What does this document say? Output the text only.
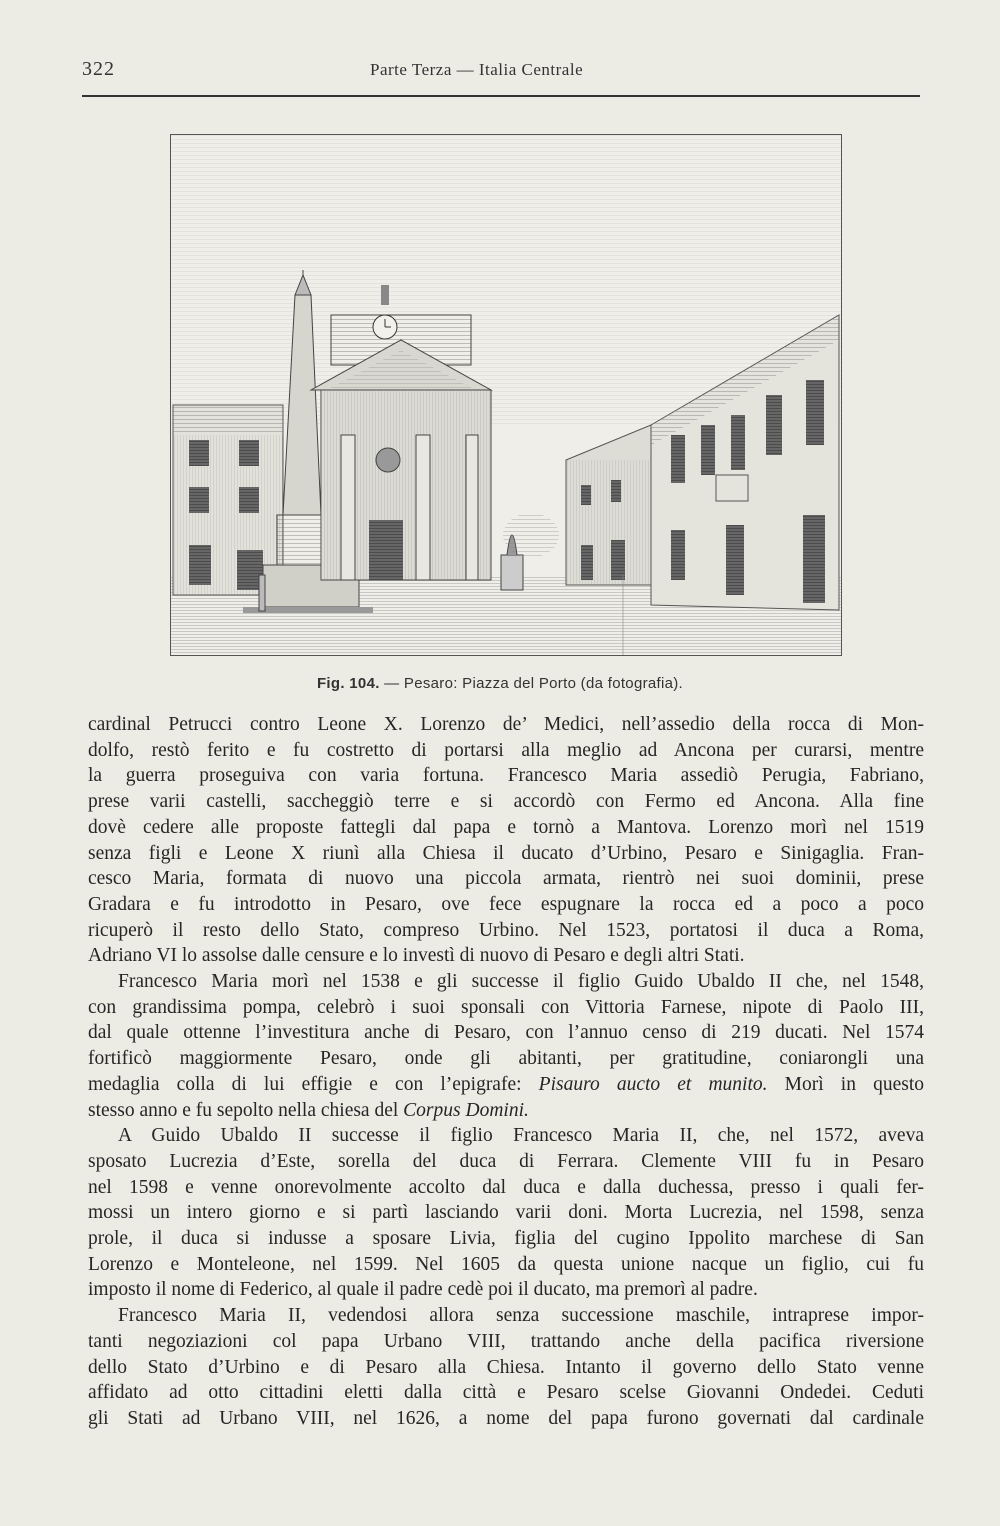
322	Parte Terza — Italia Centrale
Fig. 104. — Pesaro: Piazza del Porto (da fotografia).
cardinal Petrucci contro Leone X. Lorenzo de’ Medici, nell’assedio della rocca di Mon-
dolfo, restò ferito e fu costretto di portarsi alla meglio ad Ancona per curarsi, mentre
la guerra proseguiva con varia fortuna. Francesco Maria assediò Perugia, Fabriano,
prese varii castelli, saccheggiò terre e si accordò con Fermo ed Ancona. Alla fine
dovè cedere alle proposte fattegli dal papa e tornò a Mantova. Lorenzo morì nel 1519
senza figli e Leone X riunì alla Chiesa il ducato d’Urbino, Pesaro e Sinigaglia. Fran-
cesco Maria, formata di nuovo una piccola armata, rientrò nei suoi dominii, prese
Gradara e fu introdotto in Pesaro, ove fece espugnare la rocca ed a poco a poco
ricuperò il resto dello Stato, compreso Urbino. Nel 1523, portatosi il duca a Roma,
Adriano VI lo assolse dalle censure e lo investì di nuovo di Pesaro e degli altri Stati.
Francesco Maria morì nel 1538 e gli successe il figlio Guido Ubaldo II che, nel 1548,
con grandissima pompa, celebrò i suoi sponsali con Vittoria Farnese, nipote di Paolo III,
dal quale ottenne l’investitura anche di Pesaro, con l’annuo censo di 219 ducati. Nel 1574
fortificò maggiormente Pesaro, onde gli abitanti, per gratitudine, coniarongli una
medaglia colla di lui effigie e con l’epigrafe: Pisauro aucto et munito. Morì in questo
stesso anno e fu sepolto nella chiesa del Corpus Domini.
A Guido Ubaldo II successe il figlio Francesco Maria II, che, nel 1572, aveva
sposato Lucrezia d’Este, sorella del duca di Ferrara. Clemente VIII fu in Pesaro
nel 1598 e venne onorevolmente accolto dal duca e dalla duchessa, presso i quali fer-
mossi un intero giorno e si partì lasciando varii doni. Morta Lucrezia, nel 1598, senza
prole, il duca si indusse a sposare Livia, figlia del cugino Ippolito marchese di San
Lorenzo e Monteleone, nel 1599. Nel 1605 da questa unione nacque un figlio, cui fu
imposto il nome di Federico, al quale il padre cedè poi il ducato, ma premorì al padre.
Francesco Maria II, vedendosi allora senza successione maschile, intraprese impor-
tanti negoziazioni col papa Urbano VIII, trattando anche della pacifica riversione
dello Stato d’Urbino e di Pesaro alla Chiesa. Intanto il governo dello Stato venne
affidato ad otto cittadini eletti dalla città e Pesaro scelse Giovanni Ondedei. Ceduti
gli Stati ad Urbano VIII, nel 1626, a nome del papa furono governati dal cardinale
